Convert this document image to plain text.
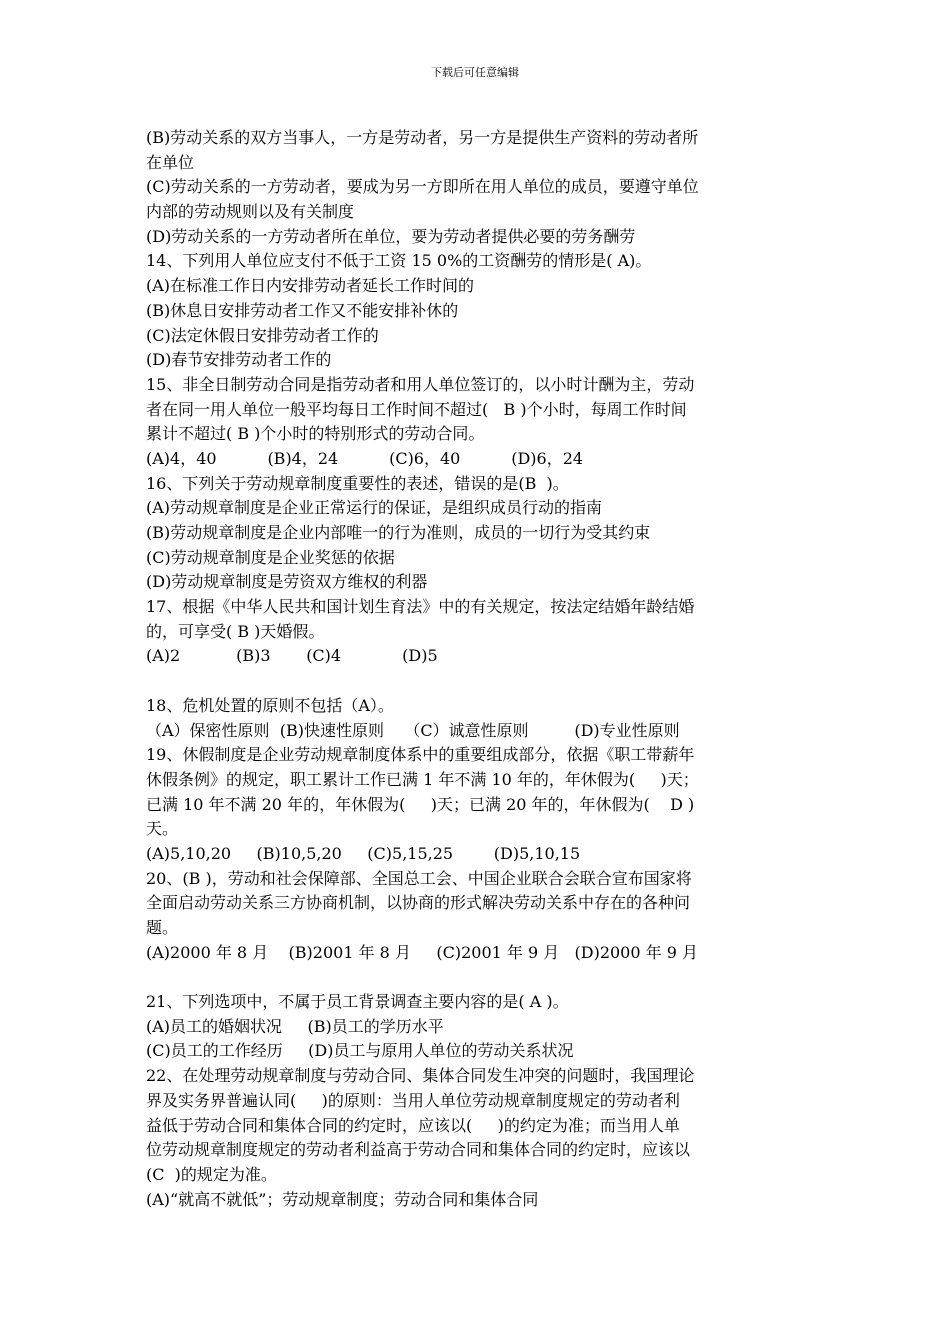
下载后可任意编辑
(B)劳动关系的双方当事人，一方是劳动者，另一方是提供生产资料的劳动者所
在单位
(C)劳动关系的一方劳动者，要成为另一方即所在用人单位的成员，要遵守单位
内部的劳动规则以及有关制度
(D)劳动关系的一方劳动者所在单位，要为劳动者提供必要的劳务酬劳
14、下列用人单位应支付不低于工资 15 0%的工资酬劳的情形是( A)。
(A)在标准工作日内安排劳动者延长工作时间的
(B)休息日安排劳动者工作又不能安排补休的
(C)法定休假日安排劳动者工作的
(D)春节安排劳动者工作的
15、非全日制劳动合同是指劳动者和用人单位签订的，以小时计酬为主，劳动
者在同一用人单位一般平均每日工作时间不超过(   B )个小时，每周工作时间
累计不超过( B )个小时的特别形式的劳动合同。
(A)4，40          (B)4，24          (C)6，40          (D)6，24
16、下列关于劳动规章制度重要性的表述，错误的是(B  )。
(A)劳动规章制度是企业正常运行的保证，是组织成员行动的指南
(B)劳动规章制度是企业内部唯一的行为准则，成员的一切行为受其约束
(C)劳动规章制度是企业奖惩的依据
(D)劳动规章制度是劳资双方维权的利器
17、根据《中华人民共和国计划生育法》中的有关规定，按法定结婚年龄结婚
的，可享受( B )天婚假。
(A)2           (B)3       (C)4            (D)5
18、危机处置的原则不包括（A）。
（A）保密性原则  (B)快速性原则    （C）诚意性原则         (D)专业性原则
19、休假制度是企业劳动规章制度体系中的重要组成部分，依据《职工带薪年
休假条例》的规定，职工累计工作已满 1 年不满 10 年的，年休假为(     )天；
已满 10 年不满 20 年的，年休假为(     )天；已满 20 年的，年休假为(    D )
天。
(A)5,10,20     (B)10,5,20     (C)5,15,25        (D)5,10,15
20、(B )，劳动和社会保障部、全国总工会、中国企业联合会联合宣布国家将
全面启动劳动关系三方协商机制，以协商的形式解决劳动关系中存在的各种问
题。
(A)2000 年 8 月    (B)2001 年 8 月     (C)2001 年 9 月   (D)2000 年 9 月
21、下列选项中，不属于员工背景调查主要内容的是( A )。
(A)员工的婚姻状况     (B)员工的学历水平
(C)员工的工作经历     (D)员工与原用人单位的劳动关系状况
22、在处理劳动规章制度与劳动合同、集体合同发生冲突的问题时，我国理论
界及实务界普遍认同(     )的原则：当用人单位劳动规章制度规定的劳动者利
益低于劳动合同和集体合同的约定时，应该以(     )的约定为准；而当用人单
位劳动规章制度规定的劳动者利益高于劳动合同和集体合同的约定时，应该以
(C  )的规定为准。
(A)“就高不就低”；劳动规章制度；劳动合同和集体合同
